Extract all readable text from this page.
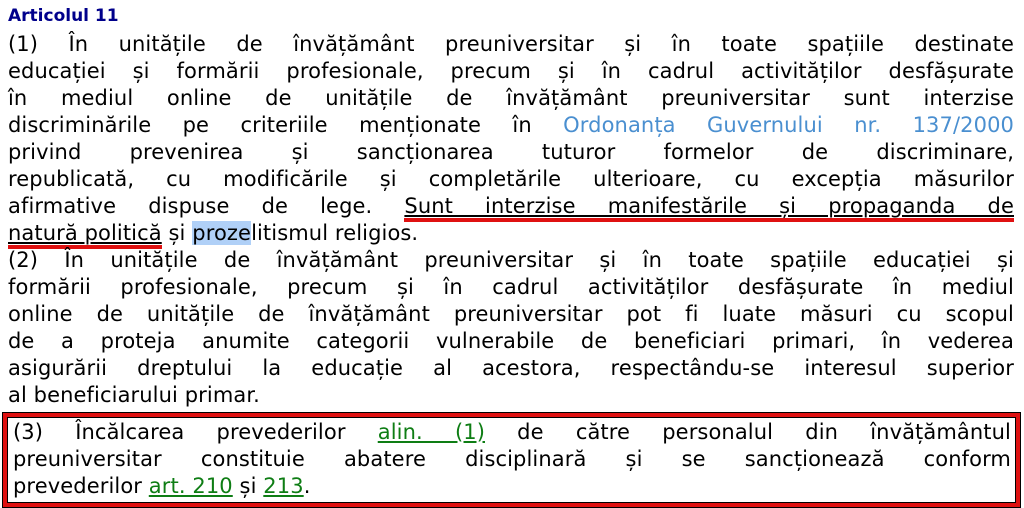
Articolul 11
(1) În unitățile de învățământ preuniversitar și în toate spațiile destinate
educației și formării profesionale, precum și în cadrul activităților desfășurate
în mediul online de unitățile de învățământ preuniversitar sunt interzise
discriminările pe criteriile menționate în Ordonanța Guvernului nr. 137/2000
privind prevenirea și sancționarea tuturor formelor de discriminare,
republicată, cu modificările și completările ulterioare, cu excepția măsurilor
afirmative dispuse de lege. Sunt interzise manifestările și propaganda de
natură politică și prozelitismul religios.
(2) În unitățile de învățământ preuniversitar și în toate spațiile educației și
formării profesionale, precum și în cadrul activităților desfășurate în mediul
online de unitățile de învățământ preuniversitar pot fi luate măsuri cu scopul
de a proteja anumite categorii vulnerabile de beneficiari primari, în vederea
asigurării dreptului la educație al acestora, respectându-se interesul superior
al beneficiarului primar.
(3) Încălcarea prevederilor alin. (1) de către personalul din învățământul
preuniversitar constituie abatere disciplinară și se sancționează conform
prevederilor art. 210 și 213.
